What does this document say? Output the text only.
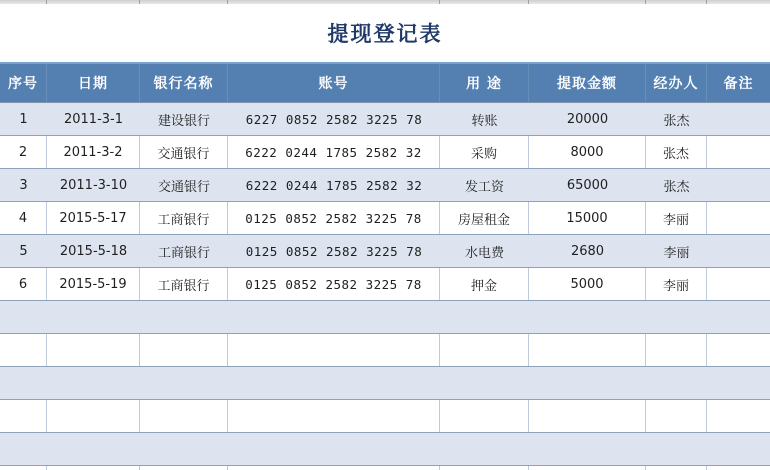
提现登记表
序号	日期	银行名称	账号	用 途	提取金额	经办人	备注
1	2011-3-1	建设银行	6227 0852 2582 3225 78	转账	20000	张杰
2	2011-3-2	交通银行	6222 0244 1785 2582 32	采购	8000	张杰
3	2011-3-10	交通银行	6222 0244 1785 2582 32	发工资	65000	张杰
4	2015-5-17	工商银行	0125 0852 2582 3225 78	房屋租金	15000	李丽
5	2015-5-18	工商银行	0125 0852 2582 3225 78	水电费	2680	李丽
6	2015-5-19	工商银行	0125 0852 2582 3225 78	押金	5000	李丽
